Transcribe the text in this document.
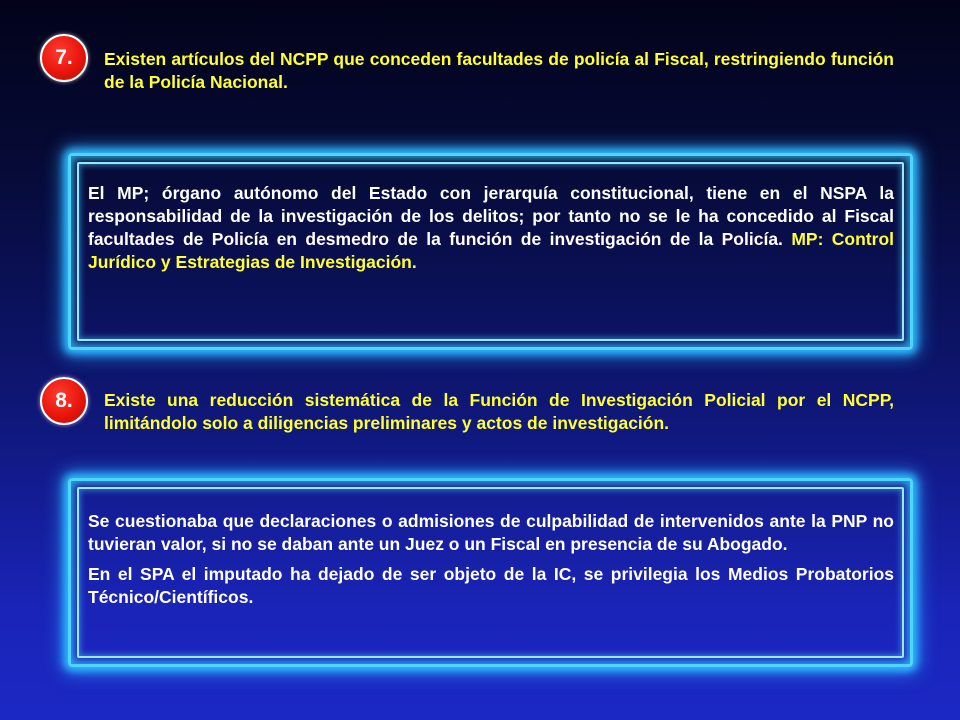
7.	Existen artículos del NCPP que conceden facultades de policía al Fiscal, restringiendo función de la Policía Nacional.
El MP; órgano autónomo del Estado con jerarquía constitucional, tiene en el NSPA la responsabilidad de la investigación de los delitos; por tanto no se le ha concedido al Fiscal facultades de Policía en desmedro de la función de investigación de la Policía. MP: Control Jurídico y Estrategias de Investigación.
8.	Existe una reducción sistemática de la Función de Investigación Policial por el NCPP, limitándolo solo a diligencias preliminares y actos de investigación.

Se cuestionaba que declaraciones o admisiones de culpabilidad de intervenidos ante la PNP no tuvieran valor, si no se daban ante un Juez o un Fiscal en presencia de su Abogado.

En el SPA el imputado ha dejado de ser objeto de la IC, se privilegia los Medios Probatorios Técnico/Científicos.
